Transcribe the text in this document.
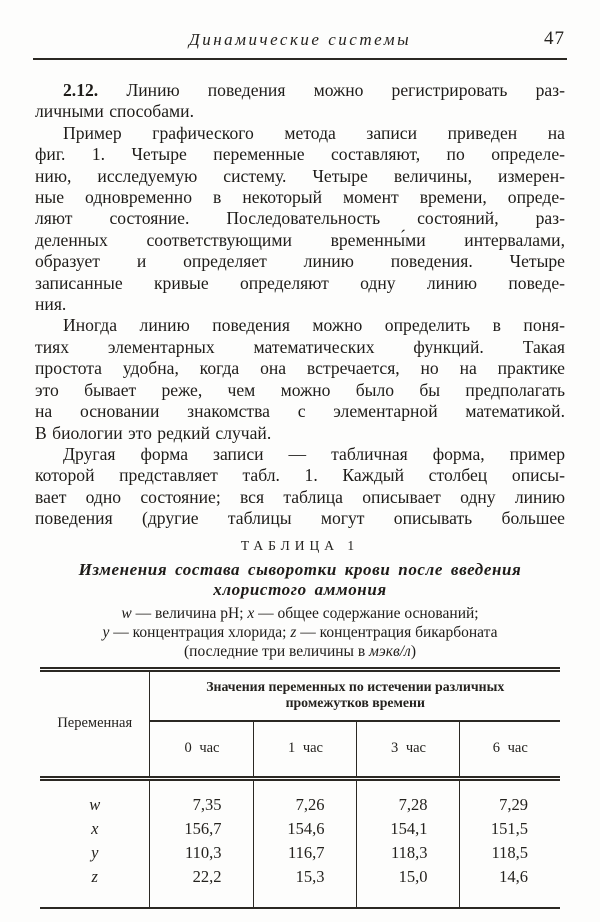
Динамические системы	47
2.12. Линию поведения можно регистрировать раз-
личными способами.
Пример графического метода записи приведен на
фиг. 1. Четыре переменные составляют, по определе-
нию, исследуемую систему. Четыре величины, измерен-
ные одновременно в некоторый момент времени, опреде-
ляют состояние. Последовательность состояний, раз-
деленных соответствующими временны́ми интервалами,
образует и определяет линию поведения. Четыре
записанные кривые определяют одну линию поведе-
ния.
Иногда линию поведения можно определить в поня-
тиях элементарных математических функций. Такая
простота удобна, когда она встречается, но на практике
это бывает реже, чем можно было бы предполагать
на основании знакомства с элементарной математикой.
В биологии это редкий случай.
Другая форма записи — табличная форма, пример
которой представляет табл. 1. Каждый столбец описы-
вает одно состояние; вся таблица описывает одну линию
поведения (другие таблицы могут описывать большее
ТАБЛИЦА 1
Изменения состава сыворотки крови после введения
хлористого аммония
w — величина pH; x — общее содержание оснований;
y — концентрация хлорида; z — концентрация бикарбоната
(последние три величины в мэкв/л)
Переменная	Значения переменных по истечении различных промежутков времени			
	0 час	1 час	3 час	6 час
w	7,35	7,26	7,28	7,29
x	156,7	154,6	154,1	151,5
y	110,3	116,7	118,3	118,5
z	22,2	15,3	15,0	14,6
